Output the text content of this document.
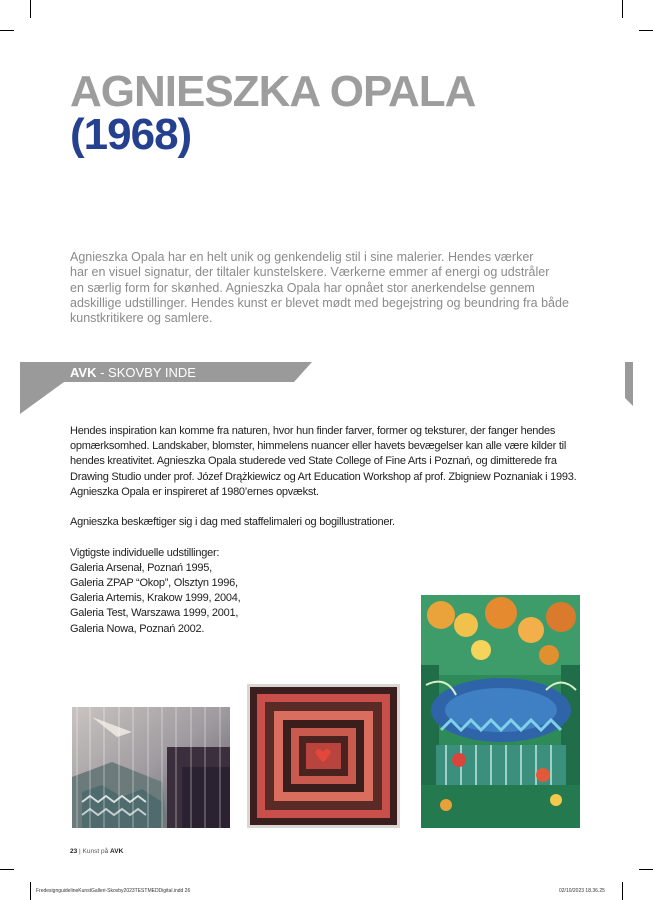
AGNIESZKA OPALA
(1968)
Agnieszka Opala har en helt unik og genkendelig stil i sine malerier. Hendes værker
har en visuel signatur, der tiltaler kunstelskere. Værkerne emmer af energi og udstråler
en særlig form for skønhed. Agnieszka Opala har opnået stor anerkendelse gennem
adskillige udstillinger. Hendes kunst er blevet mødt med begejstring og beundring fra både
kunstkritikere og samlere.
AVK - SKOVBY INDE
Hendes inspiration kan komme fra naturen, hvor hun finder farver, former og teksturer, der fanger hendes
opmærksomhed. Landskaber, blomster, himmelens nuancer eller havets bevægelser kan alle være kilder til
hendes kreativitet. Agnieszka Opala studerede ved State College of Fine Arts i Poznań, og dimitterede fra
Drawing Studio under prof. Józef Drążkiewicz og Art Education Workshop af prof. Zbigniew Poznaniak i 1993.
Agnieszka Opala er inspireret af 1980’ernes opvækst.
Agnieszka beskæftiger sig i dag med staffelimaleri og bogillustrationer.
Vigtigste individuelle udstillinger:
Galeria Arsenał, Poznań 1995,
Galeria ZPAP “Okop”, Olsztyn 1996,
Galeria Artemis, Krakow 1999, 2004,
Galeria Test, Warszawa 1999, 2001,
Galeria Nowa, Poznań 2002.
23 | Kunst på AVK
FredesignguidelineKunstGalleri-Skovby2023TESTMEDDigital.indd 26	02/10/2023 18.36.25
